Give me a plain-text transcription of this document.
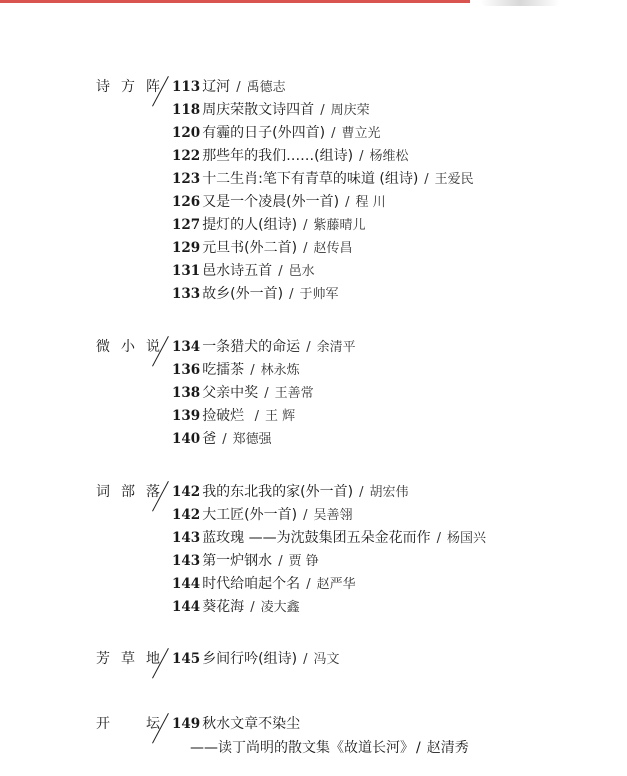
诗 方 阵 113 辽河 / 禹德志
118 周庆荣散文诗四首 / 周庆荣
120 有霾的日子(外四首) / 曹立光
122 那些年的我们……(组诗) / 杨维松
123 十二生肖:笔下有青草的味道 (组诗) / 王爱民
126 又是一个凌晨(外一首) / 程 川
127 提灯的人(组诗) / 紫藤晴儿
129 元旦书(外二首) / 赵传昌
131 邑水诗五首 / 邑水
133 故乡(外一首) / 于帅军
微 小 说 134 一条猎犬的命运 / 余清平
136 吃擂茶 / 林永炼
138 父亲中奖 / 王善常
139 捡破烂 / 王 辉
140 爸 / 郑德强
词 部 落 142 我的东北我的家(外一首) / 胡宏伟
142 大工匠(外一首) / 吴善翎
143 蓝玫瑰 ——为沈鼓集团五朵金花而作 / 杨国兴
143 第一炉钢水 / 贾 铮
144 时代给咱起个名 / 赵严华
144 葵花海 / 凌大鑫
芳 草 地 145 乡间行吟(组诗) / 冯文
开	坛 149 秋水文章不染尘
——读丁尚明的散文集《故道长河》 / 赵清秀
